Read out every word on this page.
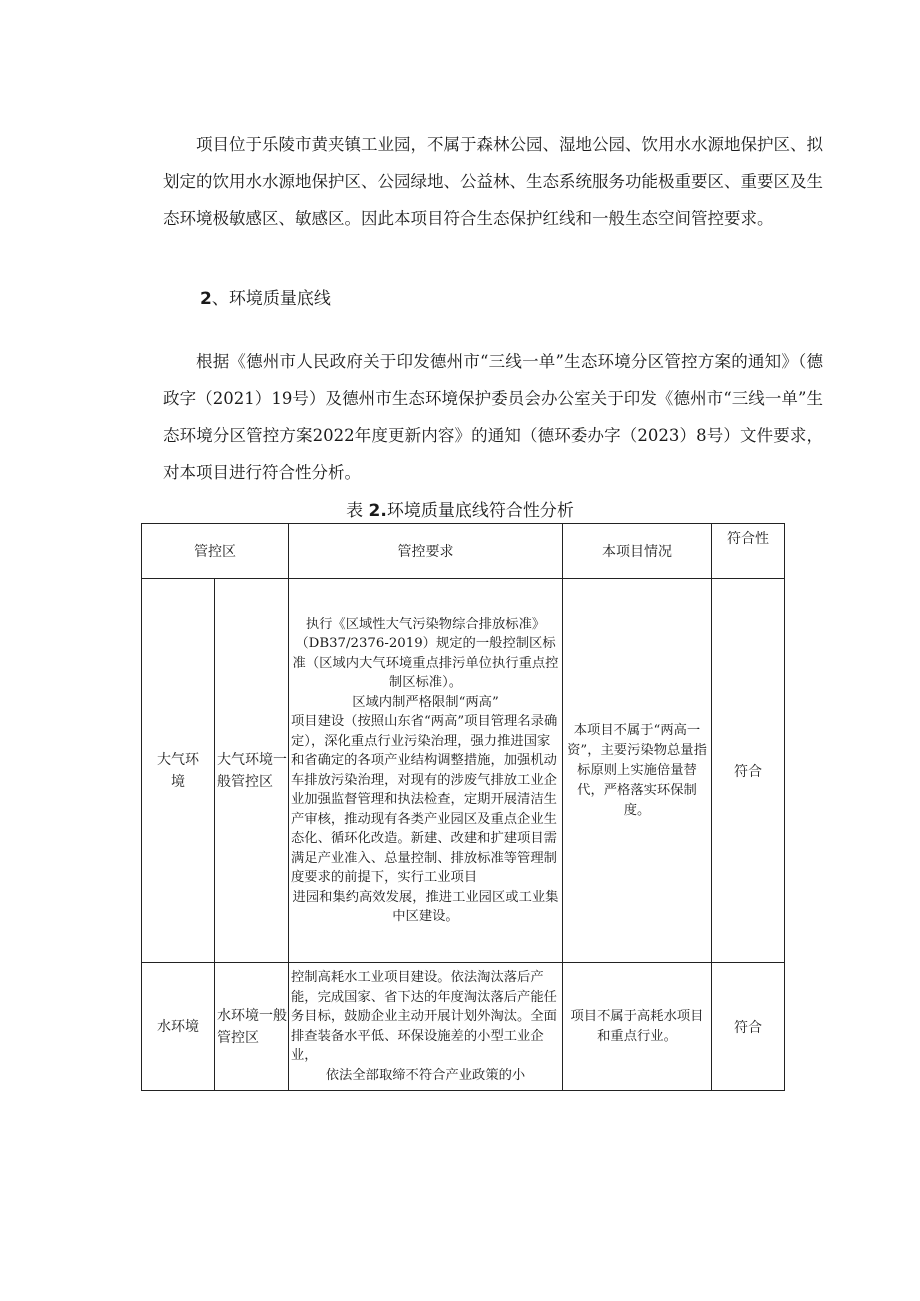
项目位于乐陵市黄夹镇工业园，不属于森林公园、湿地公园、饮用水水源地保护区、拟划定的饮用水水源地保护区、公园绿地、公益林、生态系统服务功能极重要区、重要区及生态环境极敏感区、敏感区。因此本项目符合生态保护红线和一般生态空间管控要求。

2、环境质量底线

根据《德州市人民政府关于印发德州市“三线一单”生态环境分区管控方案的通知》（德政字（2021）19号）及德州市生态环境保护委员会办公室关于印发《德州市“三线一单”生态环境分区管控方案2022年度更新内容》的通知（德环委办字（2023）8号）文件要求，对本项目进行符合性分析。

表 2.环境质量底线符合性分析

管控区		管控要求	本项目情况	符合性
大气环境	大气环境一般管控区	执行《区域性大气污染物综合排放标准》
（DB37/2376-2019）规定的一般控制区标准（区域内大气环境重点排污单位执行重点控制区标准）。
区域内制严格限制“两高”
项目建设（按照山东省“两高”项目管理名录确定），深化重点行业污染治理，强力推进国家和省确定的各项产业结构调整措施，加强机动车排放污染治理，对现有的涉废气排放工业企业加强监督管理和执法检查，定期开展清洁生产审核，推动现有各类产业园区及重点企业生态化、循环化改造。新建、改建和扩建项目需满足产业准入、总量控制、排放标准等管理制度要求的前提下，实行工业项目
进园和集约高效发展，推进工业园区或工业集中区建设。	本项目不属于“两高一资”，主要污染物总量指标原则上实施倍量替代，严格落实环保制度。	符合
水环境	水环境一般管控区	控制高耗水工业项目建设。依法淘汰落后产能，完成国家、省下达的年度淘汰落后产能任务目标，鼓励企业主动开展计划外淘汰。全面排查装备水平低、环保设施差的小型工业企业，
依法全部取缔不符合产业政策的小	项目不属于高耗水项目和重点行业。	符合
